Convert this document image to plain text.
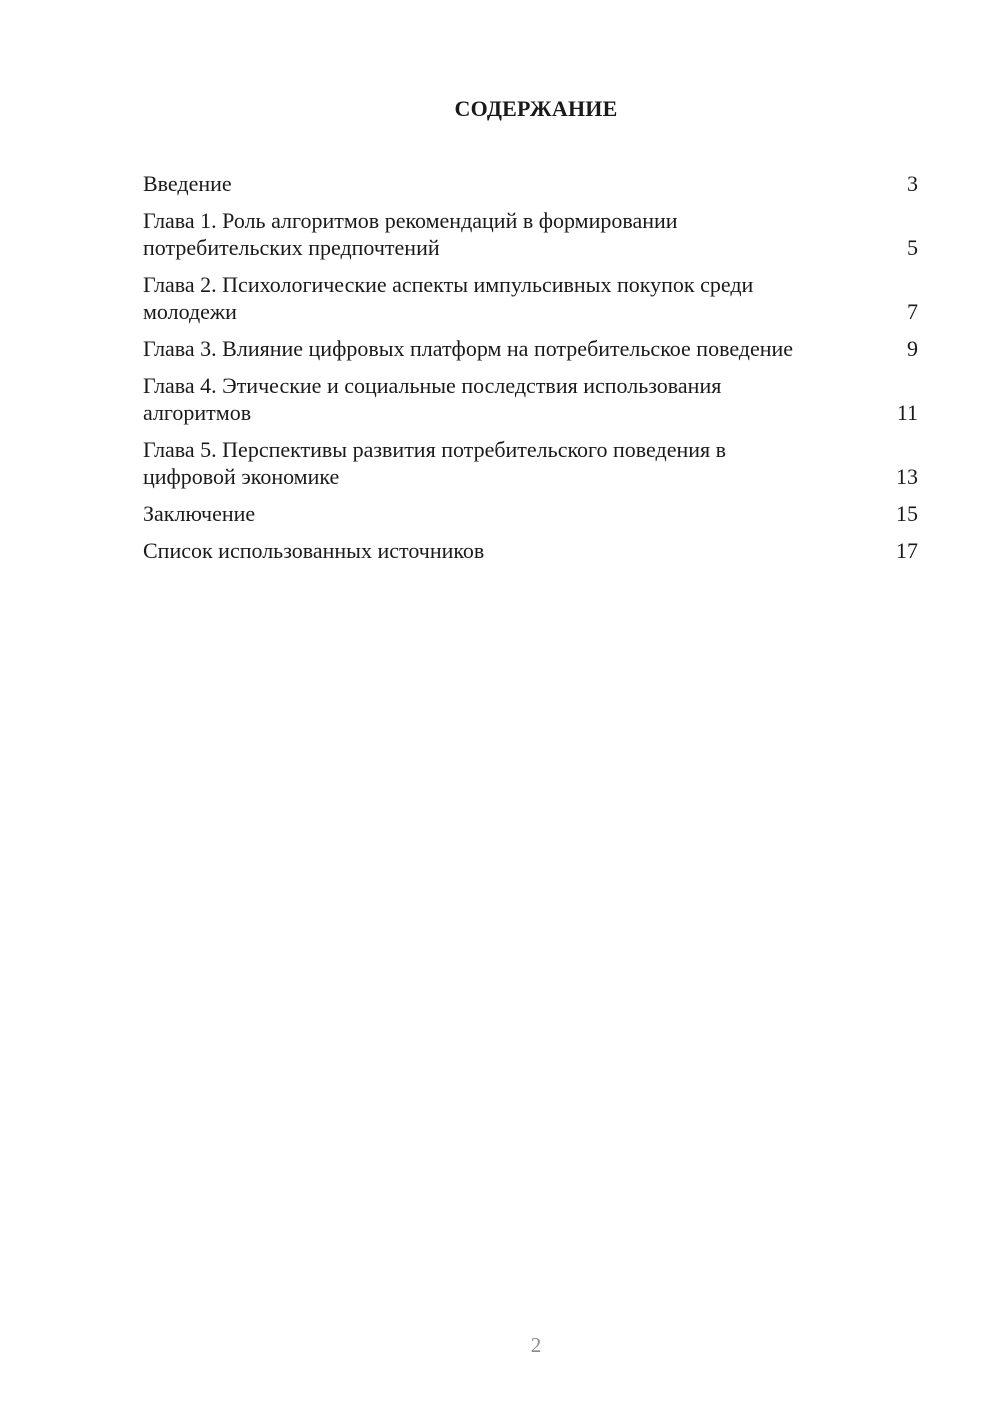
СОДЕРЖАНИЕ
Введение	3
Глава 1. Роль алгоритмов рекомендаций в формировании потребительских предпочтений	5
Глава 2. Психологические аспекты импульсивных покупок среди молодежи	7
Глава 3. Влияние цифровых платформ на потребительское поведение	9
Глава 4. Этические и социальные последствия использования алгоритмов	11
Глава 5. Перспективы развития потребительского поведения в цифровой экономике	13
Заключение	15
Список использованных источников	17
2
